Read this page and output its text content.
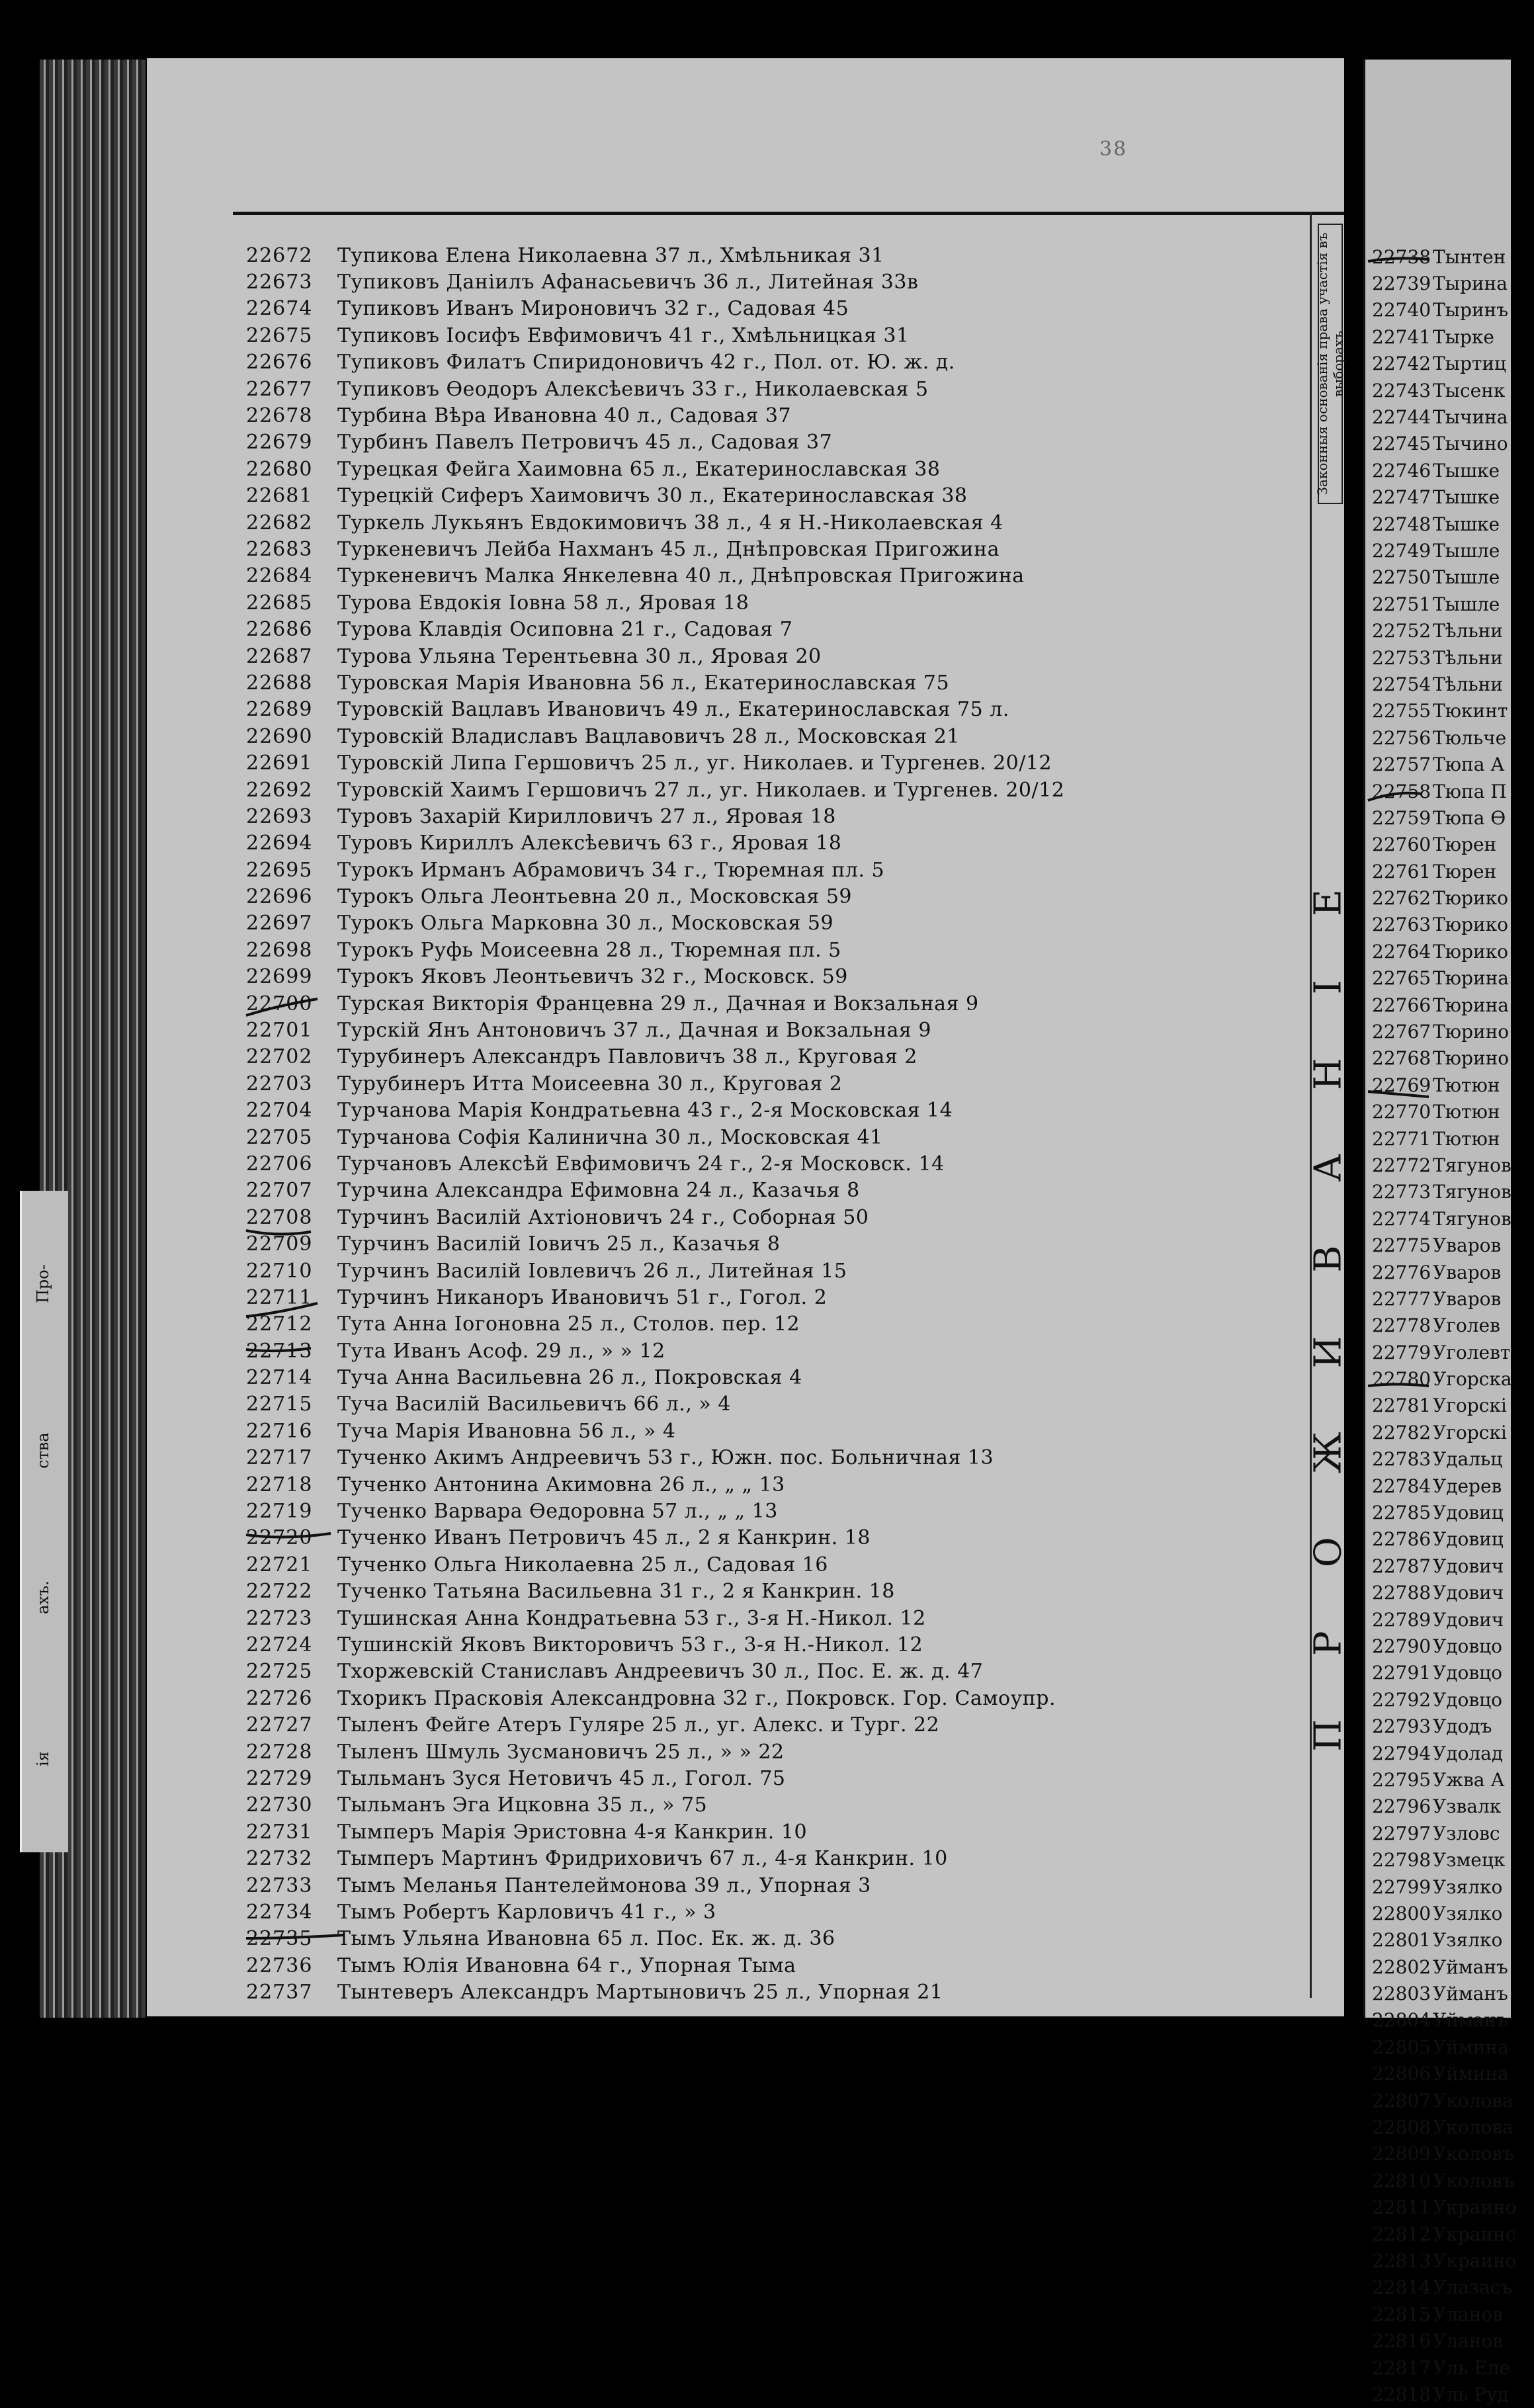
Про-
ства
ахъ.
ія
38
22672	Тупикова Елена Николаевна 37 л., Хмѣльникая 31
22673	Тупиковъ Даніилъ Афанасьевичъ 36 л., Литейная 33в
22674	Тупиковъ Иванъ Мироновичъ 32 г., Садовая 45
22675	Тупиковъ Іосифъ Евфимовичъ 41 г., Хмѣльницкая 31
22676	Тупиковъ Филатъ Спиридоновичъ 42 г., Пол. от. Ю. ж. д.
22677	Тупиковъ Ѳеодоръ Алексѣевичъ 33 г., Николаевская 5
22678	Турбина Вѣра Ивановна 40 л., Садовая 37
22679	Турбинъ Павелъ Петровичъ 45 л., Садовая 37
22680	Турецкая Фейга Хаимовна 65 л., Екатеринославская 38
22681	Турецкій Сиферъ Хаимовичъ 30 л., Екатеринославская 38
22682	Туркель Лукьянъ Евдокимовичъ 38 л., 4 я Н.-Николаевская 4
22683	Туркеневичъ Лейба Нахманъ 45 л., Днѣпровская Пригожина
22684	Туркеневичъ Малка Янкелевна 40 л., Днѣпровская Пригожина
22685	Турова Евдокія Іовна 58 л., Яровая 18
22686	Турова Клавдія Осиповна 21 г., Садовая 7
22687	Турова Ульяна Терентьевна 30 л., Яровая 20
22688	Туровская Марія Ивановна 56 л., Екатеринославская 75
22689	Туровскій Вацлавъ Ивановичъ 49 л., Екатеринославская 75 л.
22690	Туровскій Владиславъ Вацлавовичъ 28 л., Московская 21
22691	Туровскій Липа Гершовичъ 25 л., уг. Николаев. и Тургенев. 20/12
22692	Туровскій Хаимъ Гершовичъ 27 л., уг. Николаев. и Тургенев. 20/12
22693	Туровъ Захарій Кирилловичъ 27 л., Яровая 18
22694	Туровъ Кириллъ Алексѣевичъ 63 г., Яровая 18
22695	Турокъ Ирманъ Абрамовичъ 34 г., Тюремная пл. 5
22696	Турокъ Ольга Леонтьевна 20 л., Московская 59
22697	Турокъ Ольга Марковна 30 л., Московская 59
22698	Турокъ Руфь Моисеевна 28 л., Тюремная пл. 5
22699	Турокъ Яковъ Леонтьевичъ 32 г., Московск. 59
22700	Турская Викторія Францевна 29 л., Дачная и Вокзальная 9
22701	Турскій Янъ Антоновичъ 37 л., Дачная и Вокзальная 9
22702	Турубинеръ Александръ Павловичъ 38 л., Круговая 2
22703	Турубинеръ Итта Моисеевна 30 л., Круговая 2
22704	Турчанова Марія Кондратьевна 43 г., 2-я Московская 14
22705	Турчанова Софія Калинична 30 л., Московская 41
22706	Турчановъ Алексѣй Евфимовичъ 24 г., 2-я Московск. 14
22707	Турчина Александра Ефимовна 24 л., Казачья 8
22708	Турчинъ Василій Ахтіоновичъ 24 г., Соборная 50
22709	Турчинъ Василій Іовичъ 25 л., Казачья 8
22710	Турчинъ Василій Іовлевичъ 26 л., Литейная 15
22711	Турчинъ Никаноръ Ивановичъ 51 г., Гогол. 2
22712	Тута Анна Іогоновна 25 л., Столов. пер. 12
22713	Тута Иванъ Асоф. 29 л., » » 12
22714	Туча Анна Васильевна 26 л., Покровская 4
22715	Туча Василій Васильевичъ 66 л., » 4
22716	Туча Марія Ивановна 56 л., » 4
22717	Тученко Акимъ Андреевичъ 53 г., Южн. пос. Больничная 13
22718	Тученко Антонина Акимовна 26 л., „ „ 13
22719	Тученко Варвара Ѳедоровна 57 л., „ „ 13
22720	Тученко Иванъ Петровичъ 45 л., 2 я Канкрин. 18
22721	Тученко Ольга Николаевна 25 л., Садовая 16
22722	Тученко Татьяна Васильевна 31 г., 2 я Канкрин. 18
22723	Тушинская Анна Кондратьевна 53 г., 3-я Н.-Никол. 12
22724	Тушинскій Яковъ Викторовичъ 53 г., 3-я Н.-Никол. 12
22725	Тхоржевскій Станиславъ Андреевичъ 30 л., Пос. Е. ж. д. 47
22726	Тхорикъ Прасковія Александровна 32 г., Покровск. Гор. Самоупр.
22727	Тыленъ Фейге Атеръ Гуляре 25 л., уг. Алекс. и Тург. 22
22728	Тыленъ Шмуль Зусмановичъ 25 л., » » 22
22729	Тыльманъ Зуся Нетовичъ 45 л., Гогол. 75
22730	Тыльманъ Эга Ицковна 35 л., » 75
22731	Тымперъ Марія Эристовна 4-я Канкрин. 10
22732	Тымперъ Мартинъ Фридриховичъ 67 л., 4-я Канкрин. 10
22733	Тымъ Меланья Пантелеймонова 39 л., Упорная 3
22734	Тымъ Робертъ Карловичъ 41 г., » 3
22735	Тымъ Ульяна Ивановна 65 л. Пос. Ек. ж. д. 36
22736	Тымъ Юлія Ивановна 64 г., Упорная Тыма
22737	Тынтеверъ Александръ Мартыновичъ 25 л., Упорная 21
Законныя основанія права участія въ выборахъ
ПРОЖИВАНІЕ
22738 Тынтен
22739 Тырина
22740 Тыринъ
22741 Тырке
22742 Тыртиц
22743 Тысенк
22744 Тычина
22745 Тычино
22746 Тышке
22747 Тышке
22748 Тышке
22749 Тышле
22750 Тышле
22751 Тышле
22752 Тѣльни
22753 Тѣльни
22754 Тѣльни
22755 Тюкинт
22756 Тюльче
22757 Тюпа А
22758 Тюпа П
22759 Тюпа Ѳ
22760 Тюрен
22761 Тюрен
22762 Тюрико
22763 Тюрико
22764 Тюрико
22765 Тюрина
22766 Тюрина
22767 Тюрино
22768 Тюрино
22769 Тютюн
22770 Тютюн
22771 Тютюн
22772 Тягунов
22773 Тягунов
22774 Тягунов
22775 Уваров
22776 Уваров
22777 Уваров
22778 Уголев
22779 Уголевт
22780 Угорска
22781 Угорскі
22782 Угорскі
22783 Удальц
22784 Удерев
22785 Удовиц
22786 Удовиц
22787 Удович
22788 Удович
22789 Удович
22790 Удовцо
22791 Удовцо
22792 Удовцо
22793 Удодъ
22794 Удолад
22795 Ужва А
22796 Узвалк
22797 Узловс
22798 Узмецк
22799 Узялко
22800 Узялко
22801 Узялко
22802 Уйманъ
22803 Уйманъ
22804 Уйманъ
22805 Уймина
22806 Уймина
22807 Уколова
22808 Уколова
22809 Уколовъ
22810 Уколовъ
22811 Украино
22812 Украинс
22813 Украино
22814 Улазасъ
22815 Уланов
22816 Уланов
22817 Уль Еле
22818 Уль Руд
